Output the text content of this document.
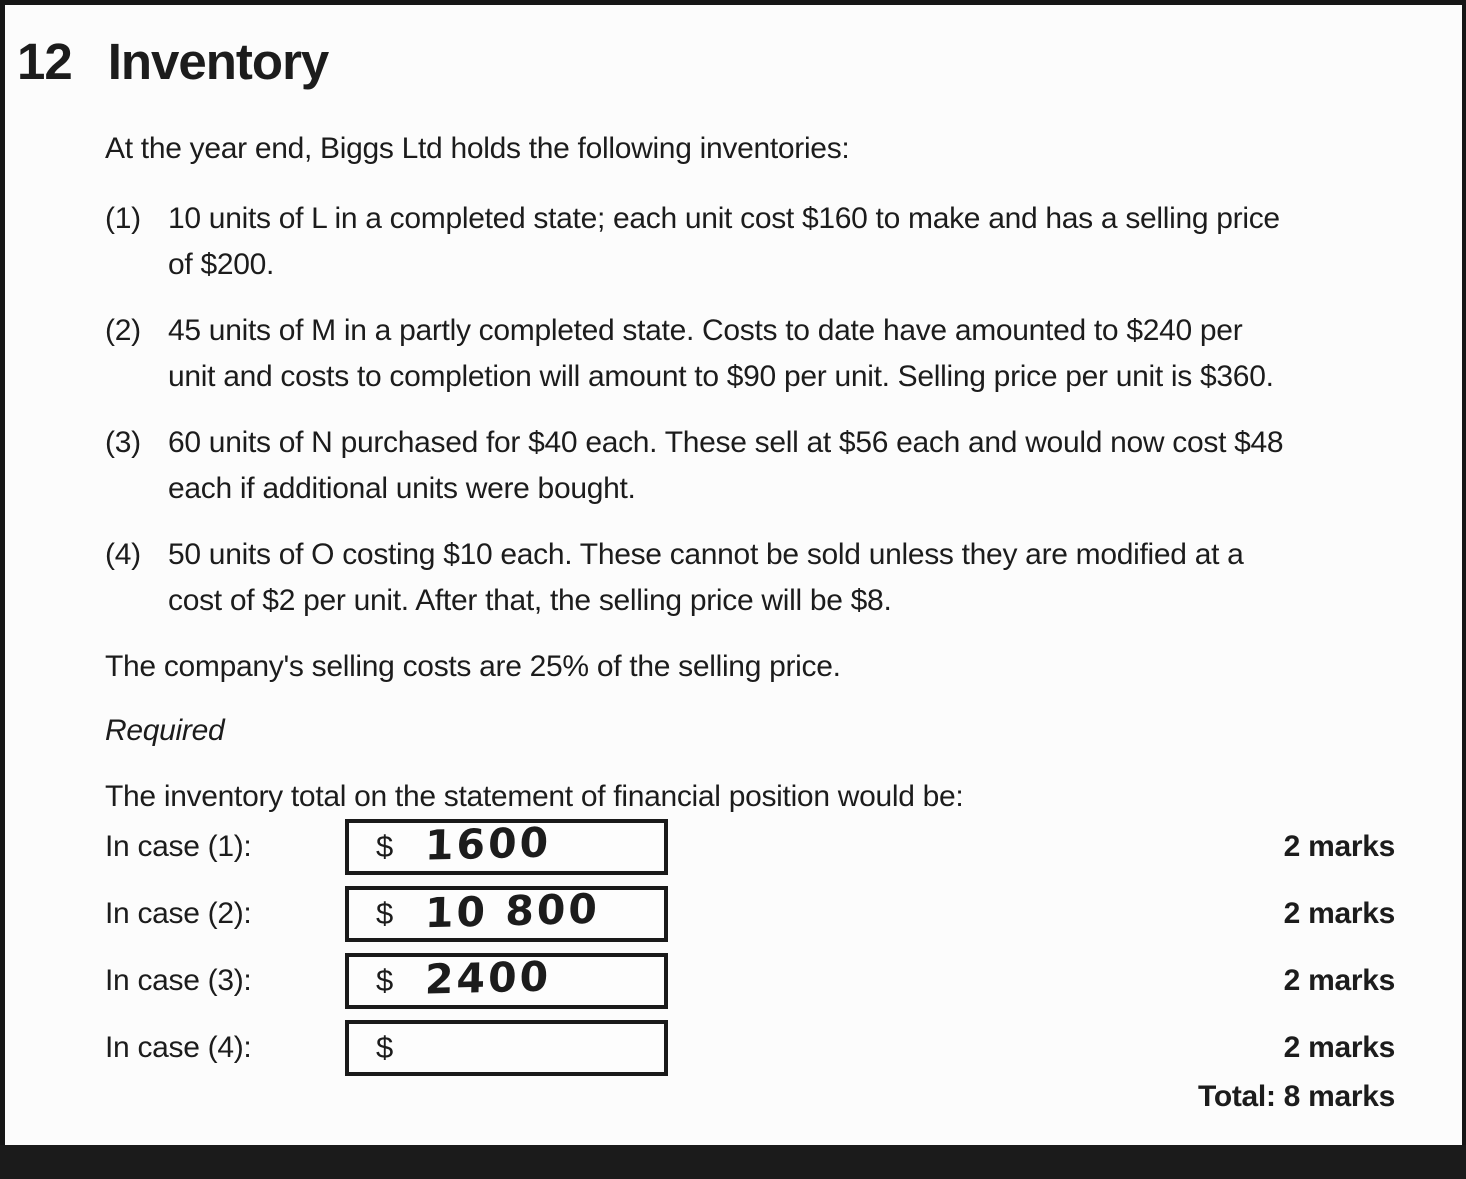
12 Inventory

At the year end, Biggs Ltd holds the following inventories:

(1) 10 units of L in a completed state; each unit cost $160 to make and has a selling price
of $200.
(2) 45 units of M in a partly completed state. Costs to date have amounted to $240 per
unit and costs to completion will amount to $90 per unit. Selling price per unit is $360.
(3) 60 units of N purchased for $40 each. These sell at $56 each and would now cost $48
each if additional units were bought.
(4) 50 units of O costing $10 each. These cannot be sold unless they are modified at a
cost of $2 per unit. After that, the selling price will be $8.

The company's selling costs are 25% of the selling price.

Required

The inventory total on the statement of financial position would be:

In case (1):	$ 1600	2 marks
In case (2):	$ 10 800	2 marks
In case (3):	$ 2400	2 marks
In case (4):	$	2 marks
Total: 8 marks
